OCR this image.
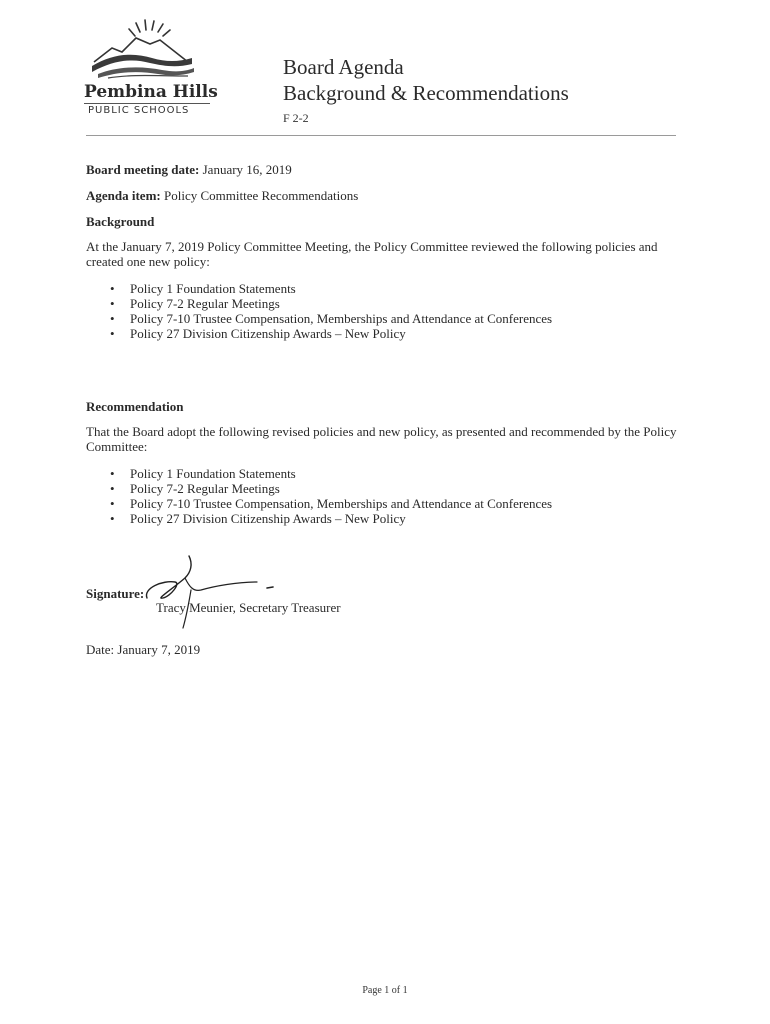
Pembina Hills
PUBLIC SCHOOLS
Board Agenda
Background & Recommendations
F 2-2
Board meeting date: January 16, 2019
Agenda item: Policy Committee Recommendations
Background
At the January 7, 2019 Policy Committee Meeting, the Policy Committee reviewed the following policies and created one new policy:
• Policy 1 Foundation Statements
• Policy 7-2 Regular Meetings
• Policy 7-10 Trustee Compensation, Memberships and Attendance at Conferences
• Policy 27 Division Citizenship Awards – New Policy
Recommendation
That the Board adopt the following revised policies and new policy, as presented and recommended by the Policy Committee:
• Policy 1 Foundation Statements
• Policy 7-2 Regular Meetings
• Policy 7-10 Trustee Compensation, Memberships and Attendance at Conferences
• Policy 27 Division Citizenship Awards – New Policy
Signature:
Tracy Meunier, Secretary Treasurer
Date: January 7, 2019
Page 1 of 1
